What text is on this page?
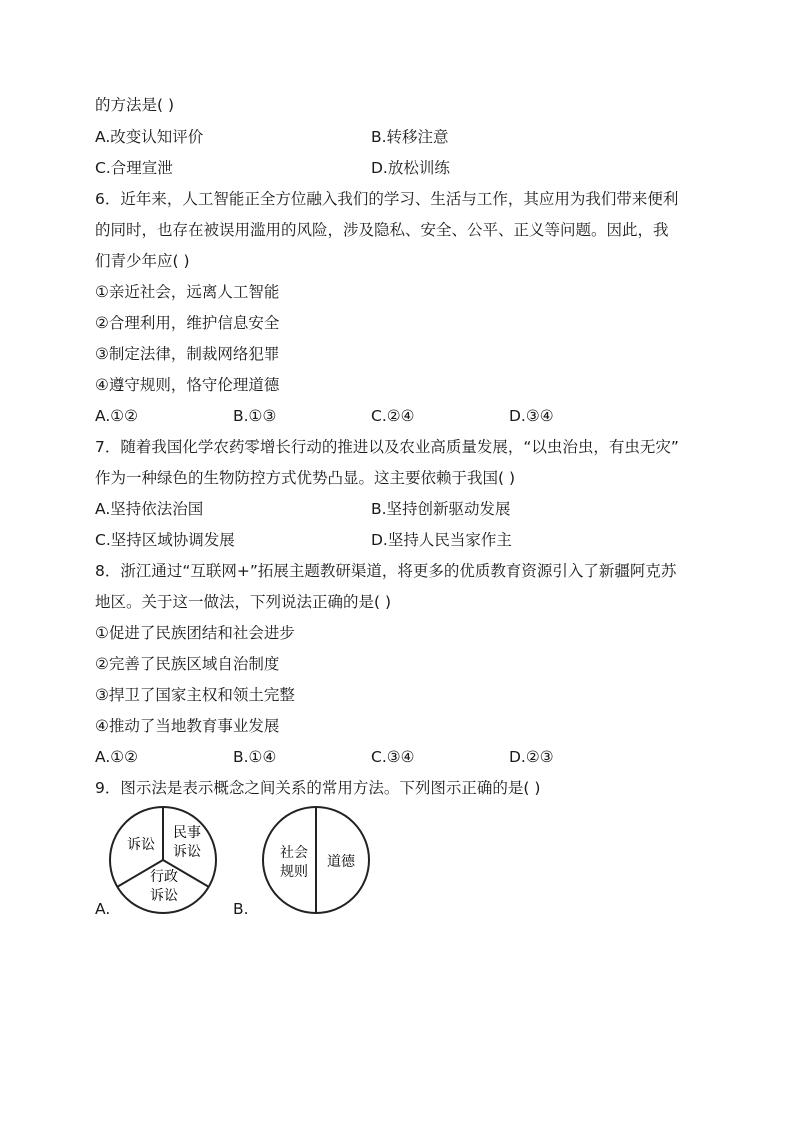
的方法是( )
A.改变认知评价	B.转移注意
C.合理宣泄	D.放松训练
6．近年来，人工智能正全方位融入我们的学习、生活与工作，其应用为我们带来便利
的同时，也存在被误用滥用的风险，涉及隐私、安全、公平、正义等问题。因此，我
们青少年应( )
①亲近社会，远离人工智能
②合理利用，维护信息安全
③制定法律，制裁网络犯罪
④遵守规则，恪守伦理道德
A.①②	B.①③	C.②④	D.③④
7．随着我国化学农药零增长行动的推进以及农业高质量发展，“以虫治虫，有虫无灾”
作为一种绿色的生物防控方式优势凸显。这主要依赖于我国( )
A.坚持依法治国	B.坚持创新驱动发展
C.坚持区域协调发展	D.坚持人民当家作主
8．浙江通过“互联网+”拓展主题教研渠道，将更多的优质教育资源引入了新疆阿克苏
地区。关于这一做法，下列说法正确的是( )
①促进了民族团结和社会进步
②完善了民族区域自治制度
③捍卫了国家主权和领土完整
④推动了当地教育事业发展
A.①②	B.①④	C.③④	D.②③
9．图示法是表示概念之间关系的常用方法。下列图示正确的是( )
A.
诉讼
民事
诉讼
行政
诉讼
B.
社会
规则
道德
